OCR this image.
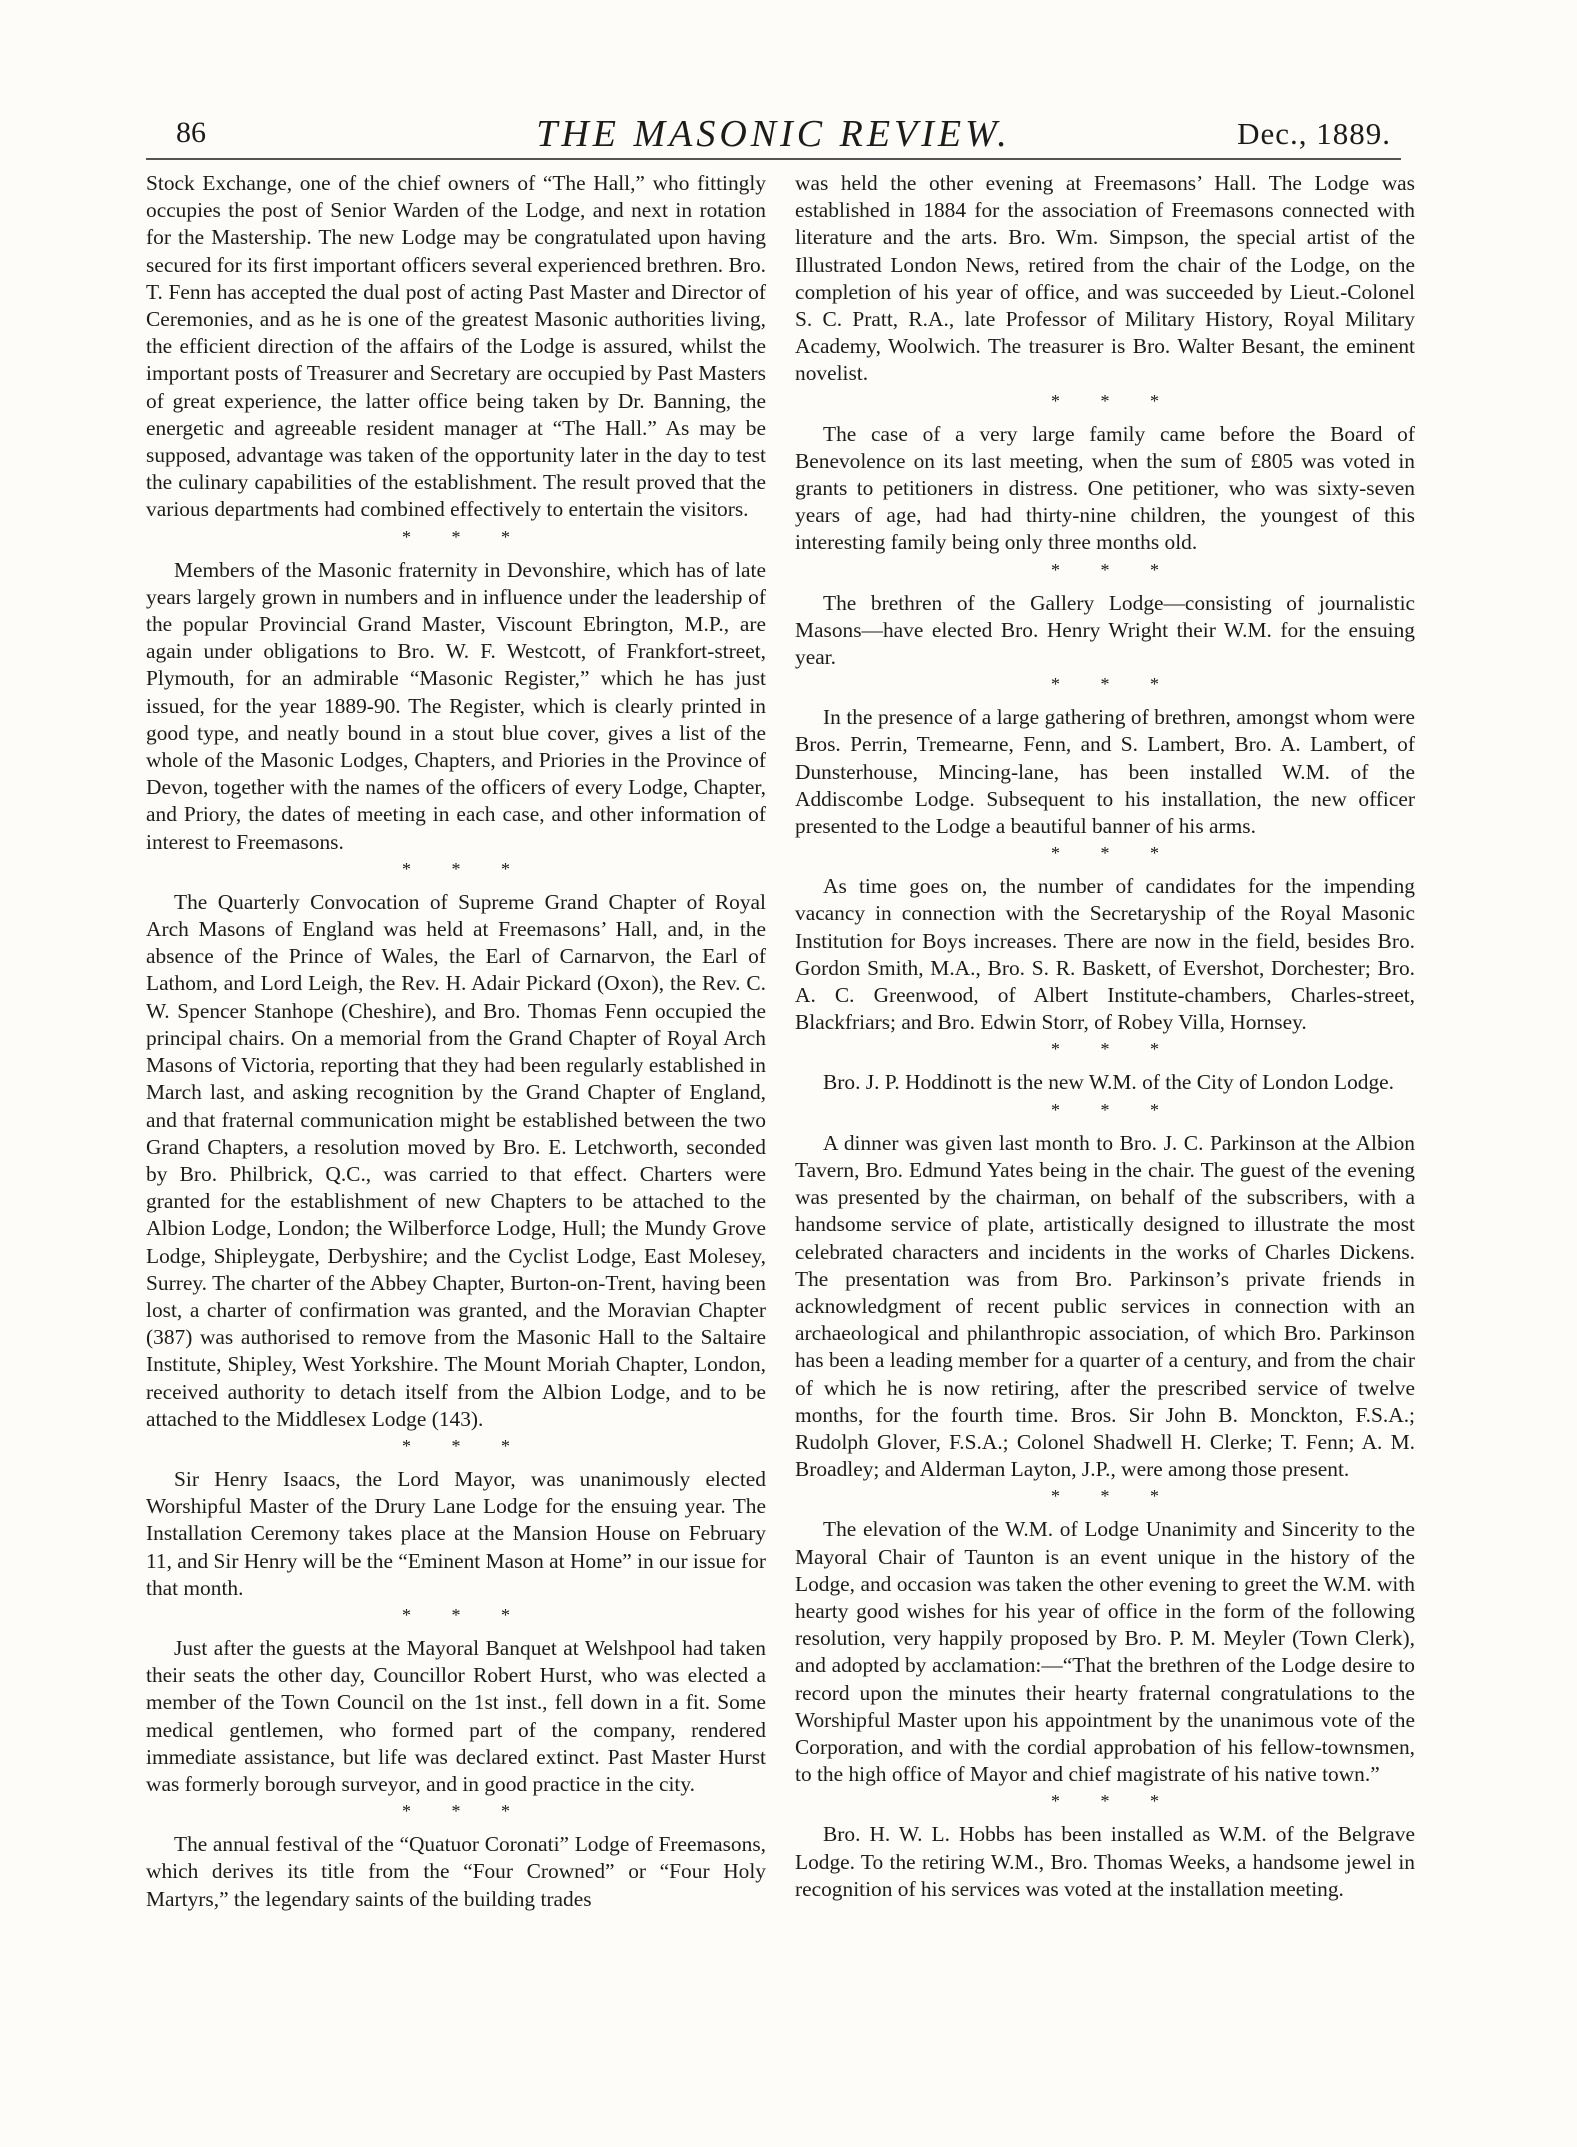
86	THE MASONIC REVIEW.	Dec., 1889.

Stock Exchange, one of the chief owners of “The Hall,” who fittingly occupies the post of Senior Warden of the Lodge, and next in rotation for the Mastership. The new Lodge may be congratulated upon having secured for its first important officers several experienced brethren. Bro. T. Fenn has accepted the dual post of acting Past Master and Director of Ceremonies, and as he is one of the greatest Masonic authorities living, the efficient direction of the affairs of the Lodge is assured, whilst the important posts of Treasurer and Secretary are occupied by Past Masters of great experience, the latter office being taken by Dr. Banning, the energetic and agreeable resident manager at “The Hall.” As may be supposed, advantage was taken of the opportunity later in the day to test the culinary capabilities of the establishment. The result proved that the various departments had combined effectively to entertain the visitors.

* * *

Members of the Masonic fraternity in Devonshire, which has of late years largely grown in numbers and in influence under the leadership of the popular Provincial Grand Master, Viscount Ebrington, M.P., are again under obligations to Bro. W. F. Westcott, of Frankfort-street, Plymouth, for an admirable “Masonic Register,” which he has just issued, for the year 1889-90. The Register, which is clearly printed in good type, and neatly bound in a stout blue cover, gives a list of the whole of the Masonic Lodges, Chapters, and Priories in the Province of Devon, together with the names of the officers of every Lodge, Chapter, and Priory, the dates of meeting in each case, and other information of interest to Freemasons.

* * *

The Quarterly Convocation of Supreme Grand Chapter of Royal Arch Masons of England was held at Freemasons’ Hall, and, in the absence of the Prince of Wales, the Earl of Carnarvon, the Earl of Lathom, and Lord Leigh, the Rev. H. Adair Pickard (Oxon), the Rev. C. W. Spencer Stanhope (Cheshire), and Bro. Thomas Fenn occupied the principal chairs. On a memorial from the Grand Chapter of Royal Arch Masons of Victoria, reporting that they had been regularly established in March last, and asking recognition by the Grand Chapter of England, and that fraternal communication might be established between the two Grand Chapters, a resolution moved by Bro. E. Letchworth, seconded by Bro. Philbrick, Q.C., was carried to that effect. Charters were granted for the establishment of new Chapters to be attached to the Albion Lodge, London; the Wilberforce Lodge, Hull; the Mundy Grove Lodge, Shipleygate, Derbyshire; and the Cyclist Lodge, East Molesey, Surrey. The charter of the Abbey Chapter, Burton-on-Trent, having been lost, a charter of confirmation was granted, and the Moravian Chapter (387) was authorised to remove from the Masonic Hall to the Saltaire Institute, Shipley, West Yorkshire. The Mount Moriah Chapter, London, received authority to detach itself from the Albion Lodge, and to be attached to the Middlesex Lodge (143).

* * *

Sir Henry Isaacs, the Lord Mayor, was unanimously elected Worshipful Master of the Drury Lane Lodge for the ensuing year. The Installation Ceremony takes place at the Mansion House on February 11, and Sir Henry will be the “Eminent Mason at Home” in our issue for that month.

* * *

Just after the guests at the Mayoral Banquet at Welshpool had taken their seats the other day, Councillor Robert Hurst, who was elected a member of the Town Council on the 1st inst., fell down in a fit. Some medical gentlemen, who formed part of the company, rendered immediate assistance, but life was declared extinct. Past Master Hurst was formerly borough surveyor, and in good practice in the city.

* * *

The annual festival of the “Quatuor Coronati” Lodge of Freemasons, which derives its title from the “Four Crowned” or “Four Holy Martyrs,” the legendary saints of the building trades

was held the other evening at Freemasons’ Hall. The Lodge was established in 1884 for the association of Freemasons connected with literature and the arts. Bro. Wm. Simpson, the special artist of the Illustrated London News, retired from the chair of the Lodge, on the completion of his year of office, and was succeeded by Lieut.-Colonel S. C. Pratt, R.A., late Professor of Military History, Royal Military Academy, Woolwich. The treasurer is Bro. Walter Besant, the eminent novelist.

* * *

The case of a very large family came before the Board of Benevolence on its last meeting, when the sum of £805 was voted in grants to petitioners in distress. One petitioner, who was sixty-seven years of age, had had thirty-nine children, the youngest of this interesting family being only three months old.

* * *

The brethren of the Gallery Lodge—consisting of journalistic Masons—have elected Bro. Henry Wright their W.M. for the ensuing year.

* * *

In the presence of a large gathering of brethren, amongst whom were Bros. Perrin, Tremearne, Fenn, and S. Lambert, Bro. A. Lambert, of Dunsterhouse, Mincing-lane, has been installed W.M. of the Addiscombe Lodge. Subsequent to his installation, the new officer presented to the Lodge a beautiful banner of his arms.

* * *

As time goes on, the number of candidates for the impending vacancy in connection with the Secretaryship of the Royal Masonic Institution for Boys increases. There are now in the field, besides Bro. Gordon Smith, M.A., Bro. S. R. Baskett, of Evershot, Dorchester; Bro. A. C. Greenwood, of Albert Institute-chambers, Charles-street, Blackfriars; and Bro. Edwin Storr, of Robey Villa, Hornsey.

* * *

Bro. J. P. Hoddinott is the new W.M. of the City of London Lodge.

* * *

A dinner was given last month to Bro. J. C. Parkinson at the Albion Tavern, Bro. Edmund Yates being in the chair. The guest of the evening was presented by the chairman, on behalf of the subscribers, with a handsome service of plate, artistically designed to illustrate the most celebrated characters and incidents in the works of Charles Dickens. The presentation was from Bro. Parkinson’s private friends in acknowledgment of recent public services in connection with an archaeological and philanthropic association, of which Bro. Parkinson has been a leading member for a quarter of a century, and from the chair of which he is now retiring, after the prescribed service of twelve months, for the fourth time. Bros. Sir John B. Monckton, F.S.A.; Rudolph Glover, F.S.A.; Colonel Shadwell H. Clerke; T. Fenn; A. M. Broadley; and Alderman Layton, J.P., were among those present.

* * *

The elevation of the W.M. of Lodge Unanimity and Sincerity to the Mayoral Chair of Taunton is an event unique in the history of the Lodge, and occasion was taken the other evening to greet the W.M. with hearty good wishes for his year of office in the form of the following resolution, very happily proposed by Bro. P. M. Meyler (Town Clerk), and adopted by acclamation:—“That the brethren of the Lodge desire to record upon the minutes their hearty fraternal congratulations to the Worshipful Master upon his appointment by the unanimous vote of the Corporation, and with the cordial approbation of his fellow-townsmen, to the high office of Mayor and chief magistrate of his native town.”

* * *

Bro. H. W. L. Hobbs has been installed as W.M. of the Belgrave Lodge. To the retiring W.M., Bro. Thomas Weeks, a handsome jewel in recognition of his services was voted at the installation meeting.
